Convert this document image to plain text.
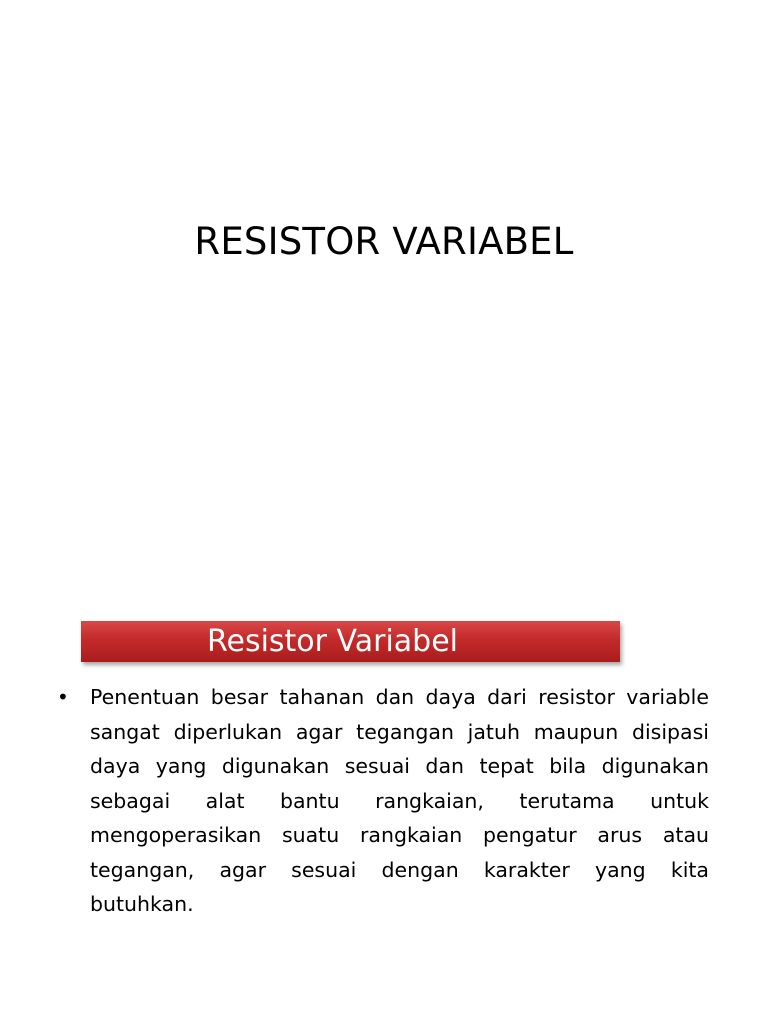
RESISTOR VARIABEL
Resistor Variabel
• Penentuan besar tahanan dan daya dari resistor variable sangat diperlukan agar tegangan jatuh maupun disipasi daya yang digunakan sesuai dan tepat bila digunakan sebagai alat bantu rangkaian, terutama untuk mengoperasikan suatu rangkaian pengatur arus atau tegangan, agar sesuai dengan karakter yang kita butuhkan.
